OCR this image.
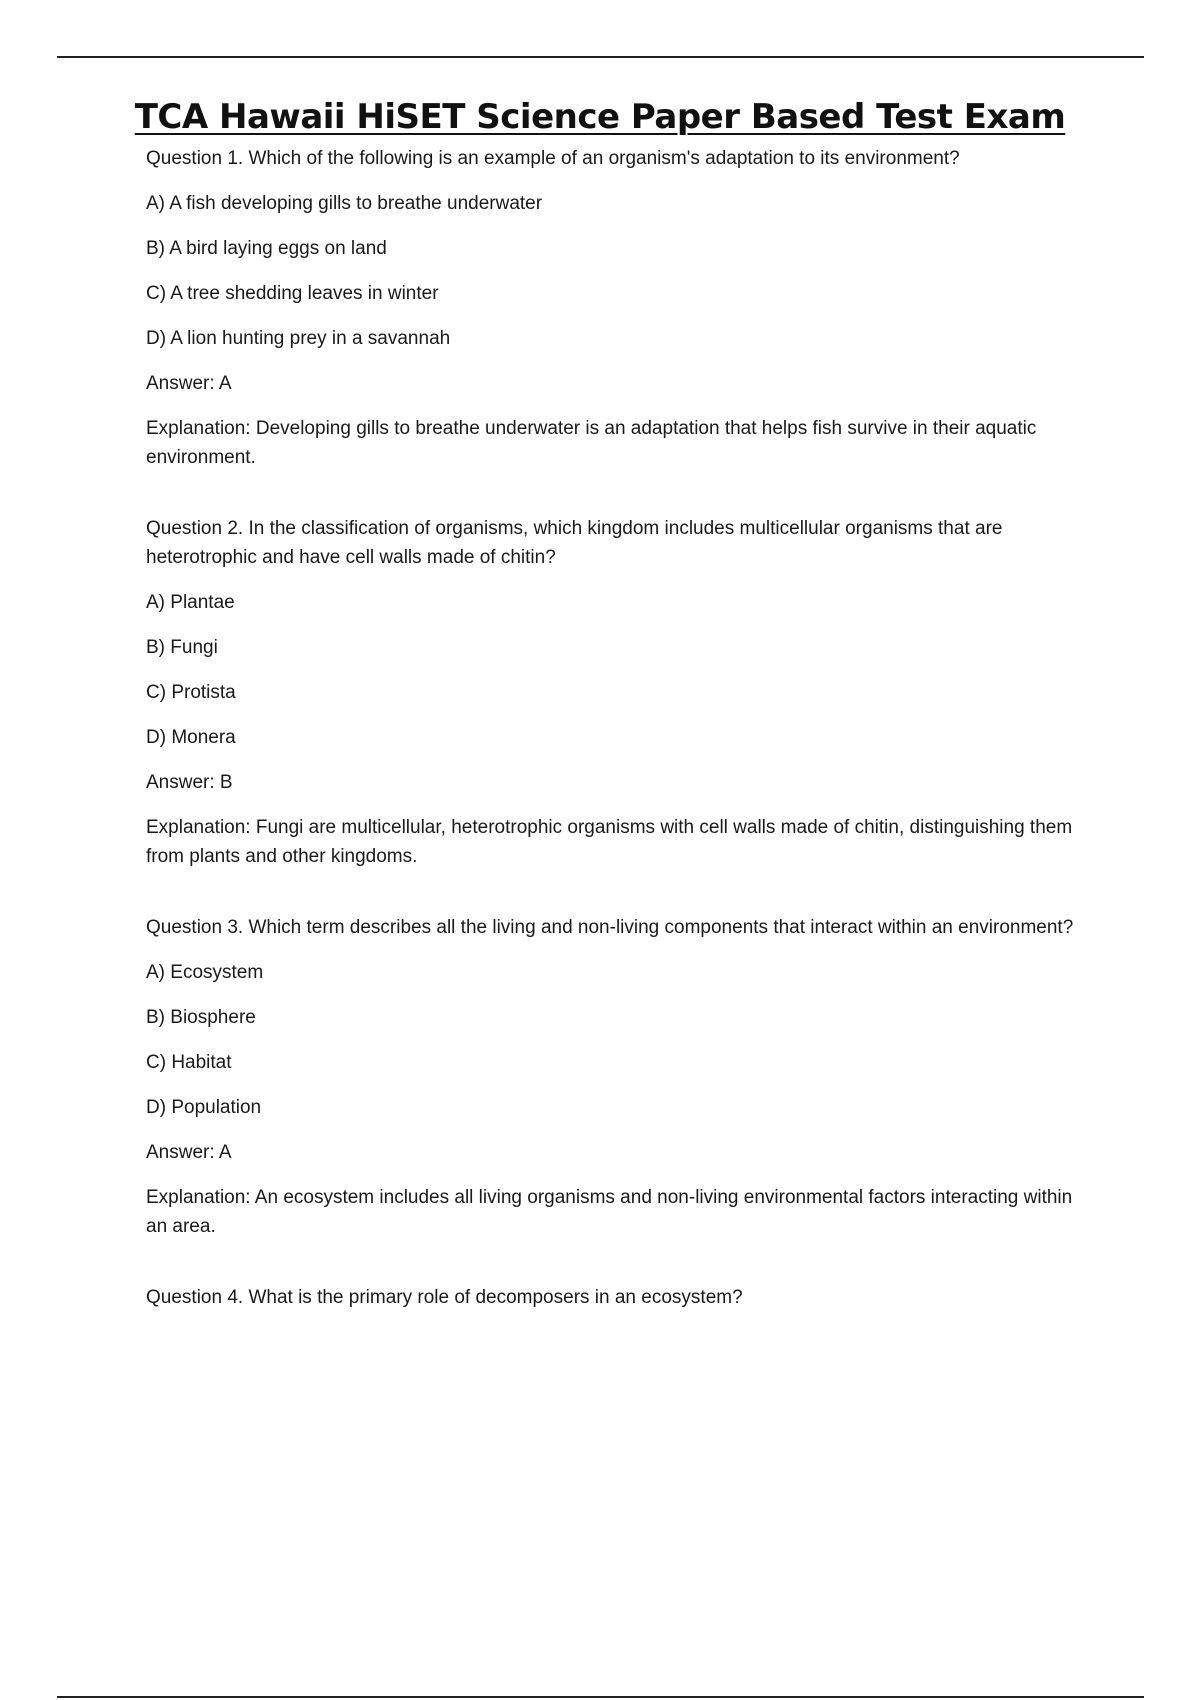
TCA Hawaii HiSET Science Paper Based Test Exam

Question 1. Which of the following is an example of an organism's adaptation to its environment?

A) A fish developing gills to breathe underwater

B) A bird laying eggs on land

C) A tree shedding leaves in winter

D) A lion hunting prey in a savannah

Answer: A

Explanation: Developing gills to breathe underwater is an adaptation that helps fish survive in their aquatic environment.

Question 2. In the classification of organisms, which kingdom includes multicellular organisms that are heterotrophic and have cell walls made of chitin?

A) Plantae

B) Fungi

C) Protista

D) Monera

Answer: B

Explanation: Fungi are multicellular, heterotrophic organisms with cell walls made of chitin, distinguishing them from plants and other kingdoms.

Question 3. Which term describes all the living and non-living components that interact within an environment?

A) Ecosystem

B) Biosphere

C) Habitat

D) Population

Answer: A

Explanation: An ecosystem includes all living organisms and non-living environmental factors interacting within an area.

Question 4. What is the primary role of decomposers in an ecosystem?
